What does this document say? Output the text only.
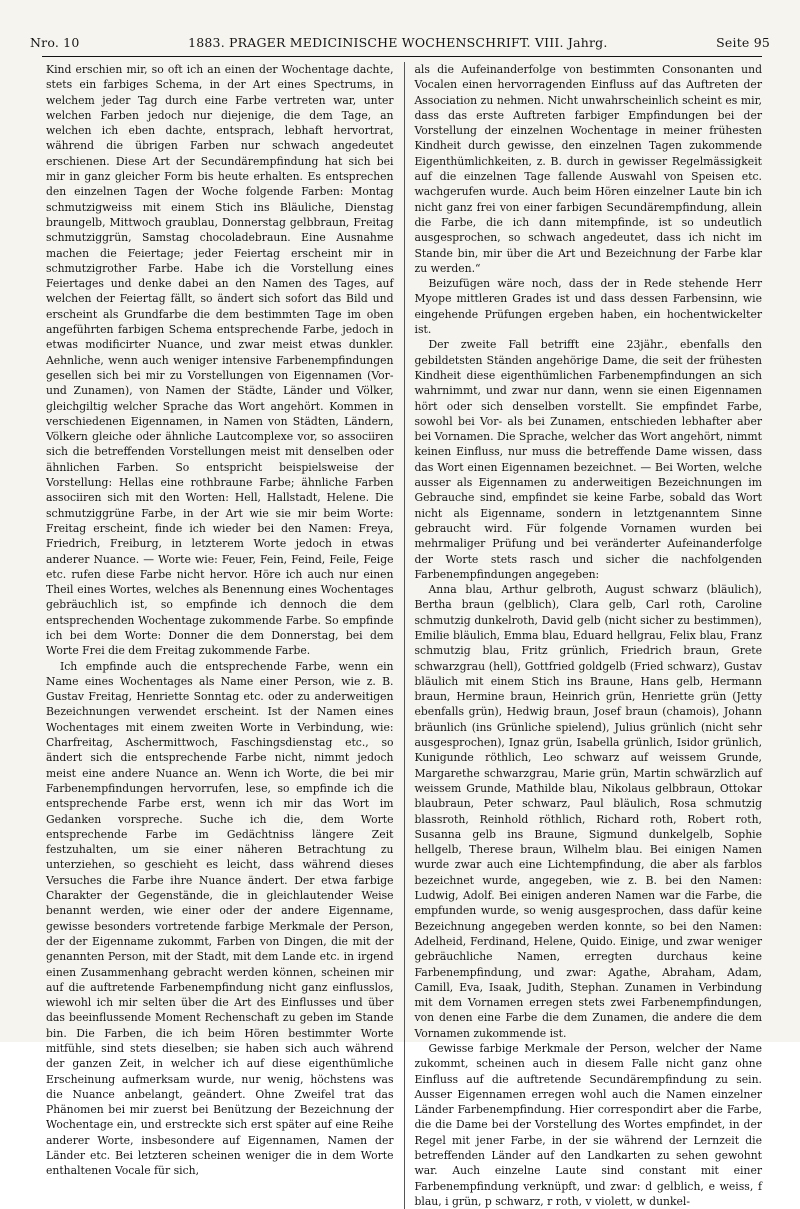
Nro. 10	1883. PRAGER MEDICINISCHE WOCHENSCHRIFT. VIII. Jahrg.	Seite 95

Kind erschien mir, so oft ich an einen der Wochentage dachte, stets ein farbiges Schema, in der Art eines Spectrums, in welchem jeder Tag durch eine Farbe vertreten war, unter welchen Farben jedoch nur diejenige, die dem Tage, an welchen ich eben dachte, entsprach, lebhaft hervortrat, während die übrigen Farben nur schwach angedeutet erschienen. Diese Art der Secundärempfindung hat sich bei mir in ganz gleicher Form bis heute erhalten. Es entsprechen den einzelnen Tagen der Woche folgende Farben: Montag schmutzigweiss mit einem Stich ins Bläuliche, Dienstag braungelb, Mittwoch graublau, Donnerstag gelbbraun, Freitag schmutziggrün, Samstag chocoladebraun. Eine Ausnahme machen die Feiertage; jeder Feiertag erscheint mir in schmutzigrother Farbe. Habe ich die Vorstellung eines Feiertages und denke dabei an den Namen des Tages, auf welchen der Feiertag fällt, so ändert sich sofort das Bild und erscheint als Grundfarbe die dem bestimmten Tage im oben angeführten farbigen Schema entsprechende Farbe, jedoch in etwas modificirter Nuance, und zwar meist etwas dunkler. Aehnliche, wenn auch weniger intensive Farbenempfindungen gesellen sich bei mir zu Vorstellungen von Eigennamen (Vor- und Zunamen), von Namen der Städte, Länder und Völker, gleichgiltig welcher Sprache das Wort angehört. Kommen in verschiedenen Eigennamen, in Namen von Städten, Ländern, Völkern gleiche oder ähnliche Lautcomplexe vor, so associiren sich die betreffenden Vorstellungen meist mit denselben oder ähnlichen Farben. So entspricht beispielsweise der Vorstellung: Hellas eine rothbraune Farbe; ähnliche Farben associiren sich mit den Worten: Hell, Hallstadt, Helene. Die schmutziggrüne Farbe, in der Art wie sie mir beim Worte: Freitag erscheint, finde ich wieder bei den Namen: Freya, Friedrich, Freiburg, in letzterem Worte jedoch in etwas anderer Nuance. — Worte wie: Feuer, Fein, Feind, Feile, Feige etc. rufen diese Farbe nicht hervor. Höre ich auch nur einen Theil eines Wortes, welches als Benennung eines Wochentages gebräuchlich ist, so empfinde ich dennoch die dem entsprechenden Wochentage zukommende Farbe. So empfinde ich bei dem Worte: Donner die dem Donnerstag, bei dem Worte Frei die dem Freitag zukommende Farbe.

Ich empfinde auch die entsprechende Farbe, wenn ein Name eines Wochentages als Name einer Person, wie z. B. Gustav Freitag, Henriette Sonntag etc. oder zu anderweitigen Bezeichnungen verwendet erscheint. Ist der Namen eines Wochentages mit einem zweiten Worte in Verbindung, wie: Charfreitag, Aschermittwoch, Faschingsdienstag etc., so ändert sich die entsprechende Farbe nicht, nimmt jedoch meist eine andere Nuance an. Wenn ich Worte, die bei mir Farbenempfindungen hervorrufen, lese, so empfinde ich die entsprechende Farbe erst, wenn ich mir das Wort im Gedanken vorspreche. Suche ich die, dem Worte entsprechende Farbe im Gedächtniss längere Zeit festzuhalten, um sie einer näheren Betrachtung zu unterziehen, so geschieht es leicht, dass während dieses Versuches die Farbe ihre Nuance ändert. Der etwa farbige Charakter der Gegenstände, die in gleichlautender Weise benannt werden, wie einer oder der andere Eigenname, gewisse besonders vortretende farbige Merkmale der Person, der der Eigenname zukommt, Farben von Dingen, die mit der genannten Person, mit der Stadt, mit dem Lande etc. in irgend einen Zusammenhang gebracht werden können, scheinen mir auf die auftretende Farbenempfindung nicht ganz einflusslos, wiewohl ich mir selten über die Art des Einflusses und über das beeinflussende Moment Rechenschaft zu geben im Stande bin. Die Farben, die ich beim Hören bestimmter Worte mitfühle, sind stets dieselben; sie haben sich auch während der ganzen Zeit, in welcher ich auf diese eigenthümliche Erscheinung aufmerksam wurde, nur wenig, höchstens was die Nuance anbelangt, geändert. Ohne Zweifel trat das Phänomen bei mir zuerst bei Benützung der Bezeichnung der Wochentage ein, und erstreckte sich erst später auf eine Reihe anderer Worte, insbesondere auf Eigennamen, Namen der Länder etc. Bei letzteren scheinen weniger die in dem Worte enthaltenen Vocale für sich,

als die Aufeinanderfolge von bestimmten Consonanten und Vocalen einen hervorragenden Einfluss auf das Auftreten der Association zu nehmen. Nicht unwahrscheinlich scheint es mir, dass das erste Auftreten farbiger Empfindungen bei der Vorstellung der einzelnen Wochentage in meiner frühesten Kindheit durch gewisse, den einzelnen Tagen zukommende Eigenthümlichkeiten, z. B. durch in gewisser Regelmässigkeit auf die einzelnen Tage fallende Auswahl von Speisen etc. wachgerufen wurde. Auch beim Hören einzelner Laute bin ich nicht ganz frei von einer farbigen Secundärempfindung, allein die Farbe, die ich dann mitempfinde, ist so undeutlich ausgesprochen, so schwach angedeutet, dass ich nicht im Stande bin, mir über die Art und Bezeichnung der Farbe klar zu werden.“

Beizufügen wäre noch, dass der in Rede stehende Herr Myope mittleren Grades ist und dass dessen Farbensinn, wie eingehende Prüfungen ergeben haben, ein hochentwickelter ist.

Der zweite Fall betrifft eine 23jähr., ebenfalls den gebildetsten Ständen angehörige Dame, die seit der frühesten Kindheit diese eigenthümlichen Farbenempfindungen an sich wahrnimmt, und zwar nur dann, wenn sie einen Eigennamen hört oder sich denselben vorstellt. Sie empfindet Farbe, sowohl bei Vor- als bei Zunamen, entschieden lebhafter aber bei Vornamen. Die Sprache, welcher das Wort angehört, nimmt keinen Einfluss, nur muss die betreffende Dame wissen, dass das Wort einen Eigennamen bezeichnet. — Bei Worten, welche ausser als Eigennamen zu anderweitigen Bezeichnungen im Gebrauche sind, empfindet sie keine Farbe, sobald das Wort nicht als Eigenname, sondern in letztgenanntem Sinne gebraucht wird. Für folgende Vornamen wurden bei mehrmaliger Prüfung und bei veränderter Aufeinanderfolge der Worte stets rasch und sicher die nachfolgenden Farbenempfindungen angegeben:

Anna blau, Arthur gelbroth, August schwarz (bläulich), Bertha braun (gelblich), Clara gelb, Carl roth, Caroline schmutzig dunkelroth, David gelb (nicht sicher zu bestimmen), Emilie bläulich, Emma blau, Eduard hellgrau, Felix blau, Franz schmutzig blau, Fritz grünlich, Friedrich braun, Grete schwarzgrau (hell), Gottfried goldgelb (Fried schwarz), Gustav bläulich mit einem Stich ins Braune, Hans gelb, Hermann braun, Hermine braun, Heinrich grün, Henriette grün (Jetty ebenfalls grün), Hedwig braun, Josef braun (chamois), Johann bräunlich (ins Grünliche spielend), Julius grünlich (nicht sehr ausgesprochen), Ignaz grün, Isabella grünlich, Isidor grünlich, Kunigunde röthlich, Leo schwarz auf weissem Grunde, Margarethe schwarzgrau, Marie grün, Martin schwärzlich auf weissem Grunde, Mathilde blau, Nikolaus gelbbraun, Ottokar blaubraun, Peter schwarz, Paul bläulich, Rosa schmutzig blassroth, Reinhold röthlich, Richard roth, Robert roth, Susanna gelb ins Braune, Sigmund dunkelgelb, Sophie hellgelb, Therese braun, Wilhelm blau. Bei einigen Namen wurde zwar auch eine Lichtempfindung, die aber als farblos bezeichnet wurde, angegeben, wie z. B. bei den Namen: Ludwig, Adolf. Bei einigen anderen Namen war die Farbe, die empfunden wurde, so wenig ausgesprochen, dass dafür keine Bezeichnung angegeben werden konnte, so bei den Namen: Adelheid, Ferdinand, Helene, Quido. Einige, und zwar weniger gebräuchliche Namen, erregten durchaus keine Farbenempfindung, und zwar: Agathe, Abraham, Adam, Camill, Eva, Isaak, Judith, Stephan. Zunamen in Verbindung mit dem Vornamen erregen stets zwei Farbenempfindungen, von denen eine Farbe die dem Zunamen, die andere die dem Vornamen zukommende ist.

Gewisse farbige Merkmale der Person, welcher der Name zukommt, scheinen auch in diesem Falle nicht ganz ohne Einfluss auf die auftretende Secundärempfindung zu sein. Ausser Eigennamen erregen wohl auch die Namen einzelner Länder Farbenempfindung. Hier correspondirt aber die Farbe, die die Dame bei der Vorstellung des Wortes empfindet, in der Regel mit jener Farbe, in der sie während der Lernzeit die betreffenden Länder auf den Landkarten zu sehen gewohnt war. Auch einzelne Laute sind constant mit einer Farbenempfindung verknüpft, und zwar: d gelblich, e weiss, f blau, i grün, p schwarz, r roth, v violett, w dunkel-
